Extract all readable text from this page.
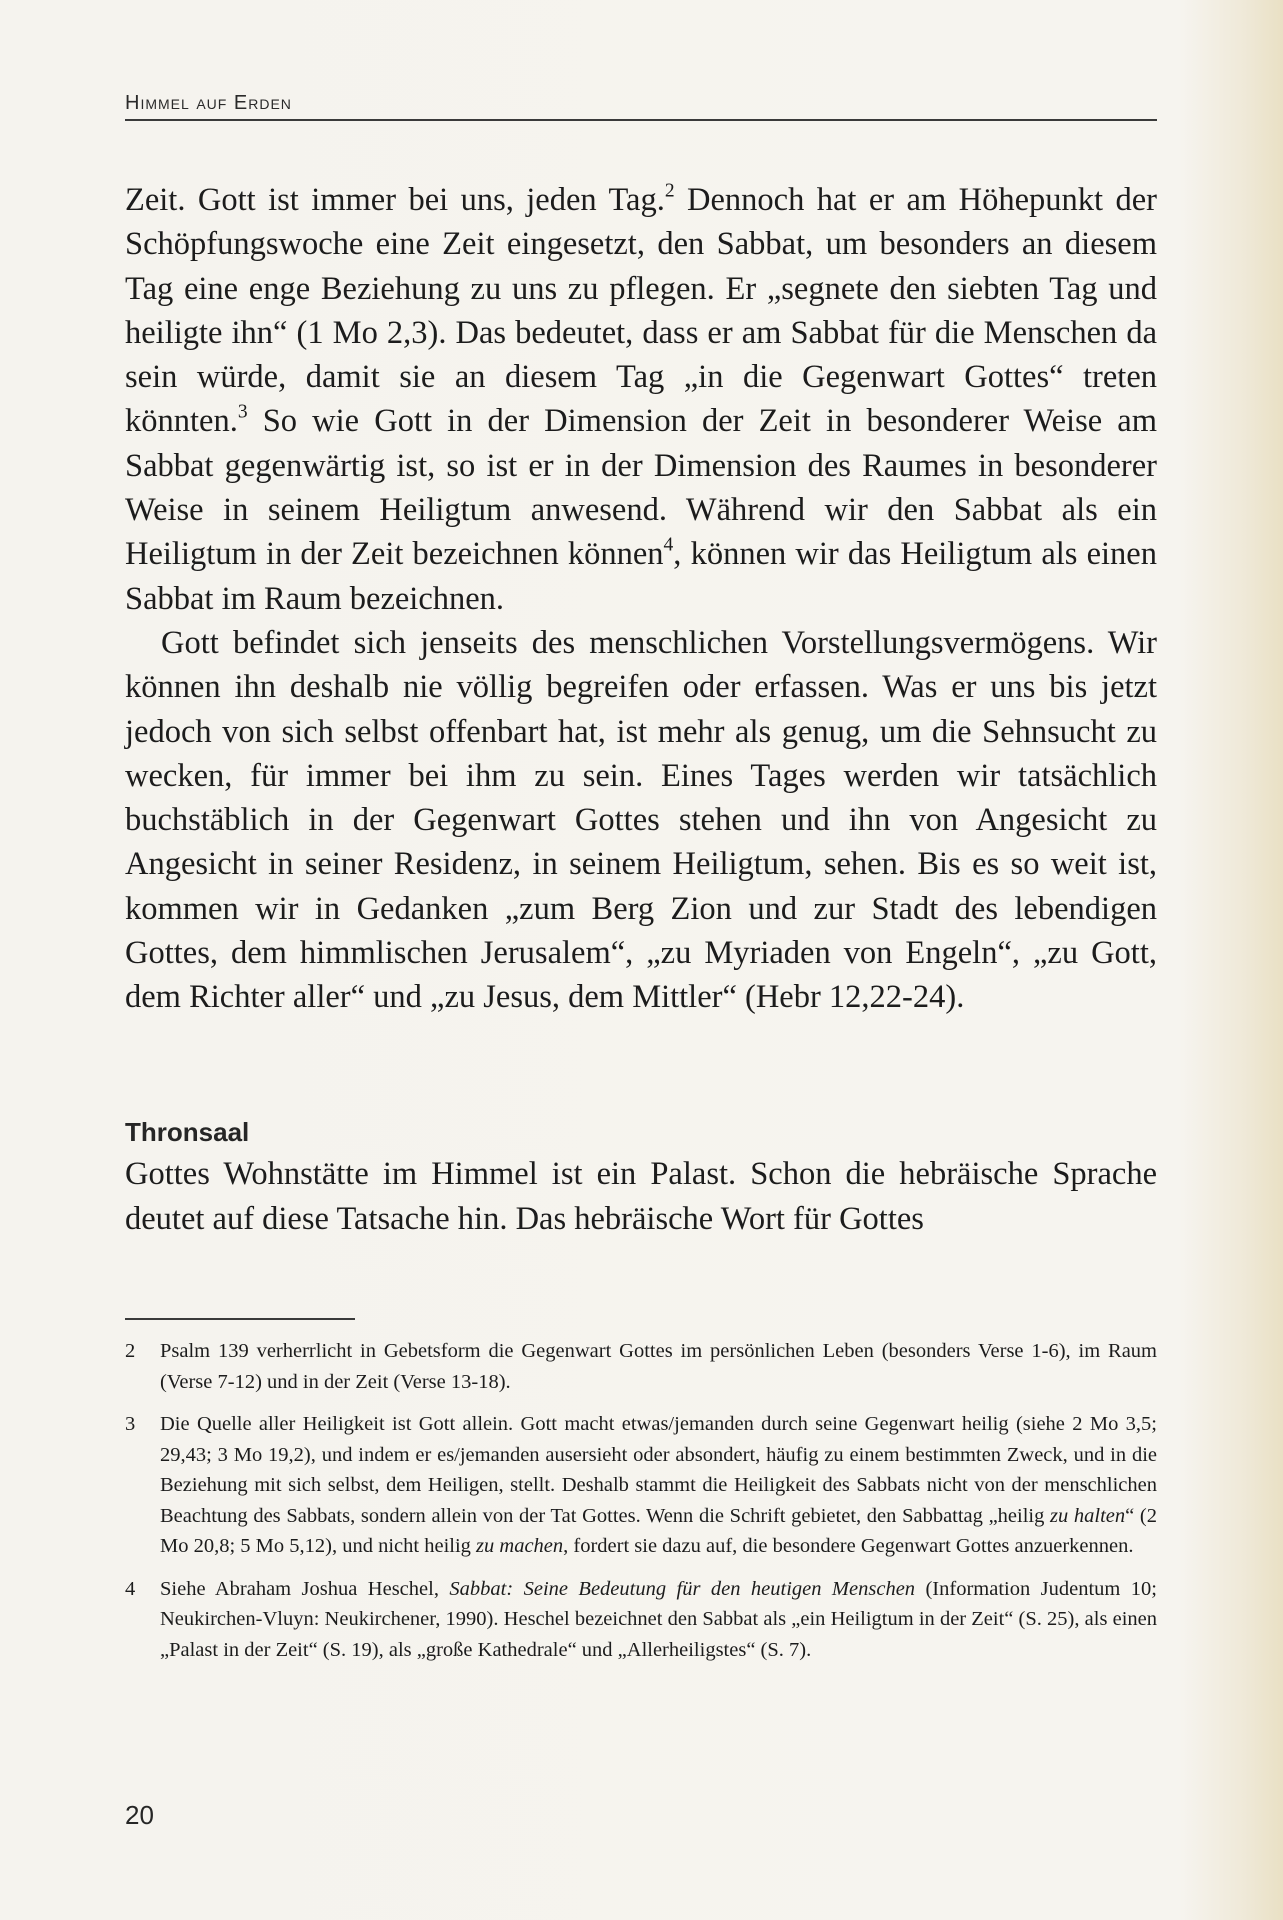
Himmel auf Erden

Zeit. Gott ist immer bei uns, jeden Tag.$^2$ Dennoch hat er am Höhepunkt der Schöpfungswoche eine Zeit eingesetzt, den Sabbat, um besonders an diesem Tag eine enge Beziehung zu uns zu pflegen. Er „segnete den siebten Tag und heiligte ihn“ (1 Mo 2,3). Das bedeutet, dass er am Sabbat für die Menschen da sein würde, damit sie an diesem Tag „in die Gegenwart Gottes“ treten könnten.$^3$ So wie Gott in der Dimension der Zeit in besonderer Weise am Sabbat gegenwärtig ist, so ist er in der Dimension des Raumes in besonderer Weise in seinem Heiligtum anwesend. Während wir den Sabbat als ein Heiligtum in der Zeit bezeichnen können$^4$, können wir das Heiligtum als einen Sabbat im Raum bezeichnen.

Gott befindet sich jenseits des menschlichen Vorstellungsvermögens. Wir können ihn deshalb nie völlig begreifen oder erfassen. Was er uns bis jetzt jedoch von sich selbst offenbart hat, ist mehr als genug, um die Sehnsucht zu wecken, für immer bei ihm zu sein. Eines Tages werden wir tatsächlich buchstäblich in der Gegenwart Gottes stehen und ihn von Angesicht zu Angesicht in seiner Residenz, in seinem Heiligtum, sehen. Bis es so weit ist, kommen wir in Gedanken „zum Berg Zion und zur Stadt des lebendigen Gottes, dem himmlischen Jerusalem“, „zu Myriaden von Engeln“, „zu Gott, dem Richter aller“ und „zu Jesus, dem Mittler“ (Hebr 12,22-24).

Thronsaal

Gottes Wohnstätte im Himmel ist ein Palast. Schon die hebräische Sprache deutet auf diese Tatsache hin. Das hebräische Wort für Gottes

2 Psalm 139 verherrlicht in Gebetsform die Gegenwart Gottes im persönlichen Leben (besonders Verse 1-6), im Raum (Verse 7-12) und in der Zeit (Verse 13-18).
3 Die Quelle aller Heiligkeit ist Gott allein. Gott macht etwas/jemanden durch seine Gegenwart heilig (siehe 2 Mo 3,5; 29,43; 3 Mo 19,2), und indem er es/jemanden ausersieht oder absondert, häufig zu einem bestimmten Zweck, und in die Beziehung mit sich selbst, dem Heiligen, stellt. Deshalb stammt die Heiligkeit des Sabbats nicht von der menschlichen Beachtung des Sabbats, sondern allein von der Tat Gottes. Wenn die Schrift gebietet, den Sabbattag „heilig zu halten“ (2 Mo 20,8; 5 Mo 5,12), und nicht heilig zu machen, fordert sie dazu auf, die besondere Gegenwart Gottes anzuerkennen.
4 Siehe Abraham Joshua Heschel, Sabbat: Seine Bedeutung für den heutigen Menschen (Information Judentum 10; Neukirchen-Vluyn: Neukirchener, 1990). Heschel bezeichnet den Sabbat als „ein Heiligtum in der Zeit“ (S. 25), als einen „Palast in der Zeit“ (S. 19), als „große Kathedrale“ und „Allerheiligstes“ (S. 7).
20
